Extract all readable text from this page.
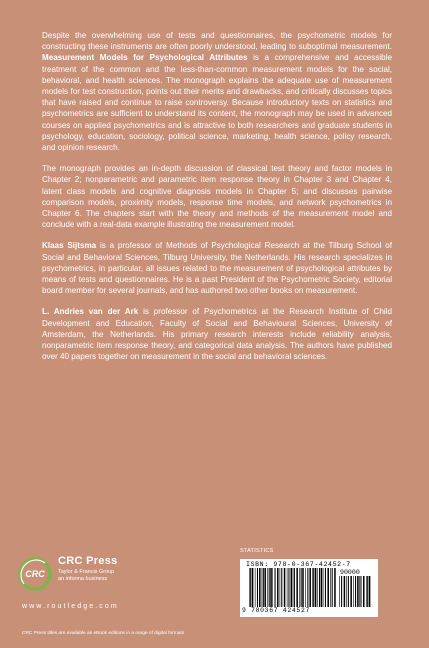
Despite the overwhelming use of tests and questionnaires, the psychometric models for constructing these instruments are often poorly understood, leading to suboptimal measurement. Measurement Models for Psychological Attributes is a comprehensive and accessible treatment of the common and the less-than-common measurement models for the social, behavioral, and health sciences. The monograph explains the adequate use of measurement models for test construction, points out their merits and drawbacks, and critically discusses topics that have raised and continue to raise controversy. Because introductory texts on statistics and psychometrics are sufficient to understand its content, the monograph may be used in advanced courses on applied psychometrics and is attractive to both researchers and graduate students in psychology, education, sociology, political science, marketing, health science, policy research, and opinion research.

The monograph provides an in-depth discussion of classical test theory and factor models in Chapter 2; nonparametric and parametric item response theory in Chapter 3 and Chapter 4, latent class models and cognitive diagnosis models in Chapter 5; and discusses pairwise comparison models, proximity models, response time models, and network psychometrics in Chapter 6. The chapters start with the theory and methods of the measurement model and conclude with a real-data example illustrating the measurement model.

Klaas Sijtsma is a professor of Methods of Psychological Research at the Tilburg School of Social and Behavioral Sciences, Tilburg University, the Netherlands. His research specializes in psychometrics, in particular, all issues related to the measurement of psychological attributes by means of tests and questionnaires. He is a past President of the Psychometric Society, editorial board member for several journals, and has authored two other books on measurement.

L. Andries van der Ark is professor of Psychometrics at the Research Institute of Child Development and Education, Faculty of Social and Behavioural Sciences, University of Amsterdam, the Netherlands. His primary research interests include reliability analysis, nonparametric item response theory, and categorical data analysis. The authors have published over 40 papers together on measurement in the social and behavioral sciences.

CRC
CRC Press
Taylor & Francis Group
an informa business
www.routledge.com
CRC Press titles are available as eBook editions in a range of digital formats
STATISTICS
ISBN: 978-0-367-42452-7
90000
9 780367 424527
